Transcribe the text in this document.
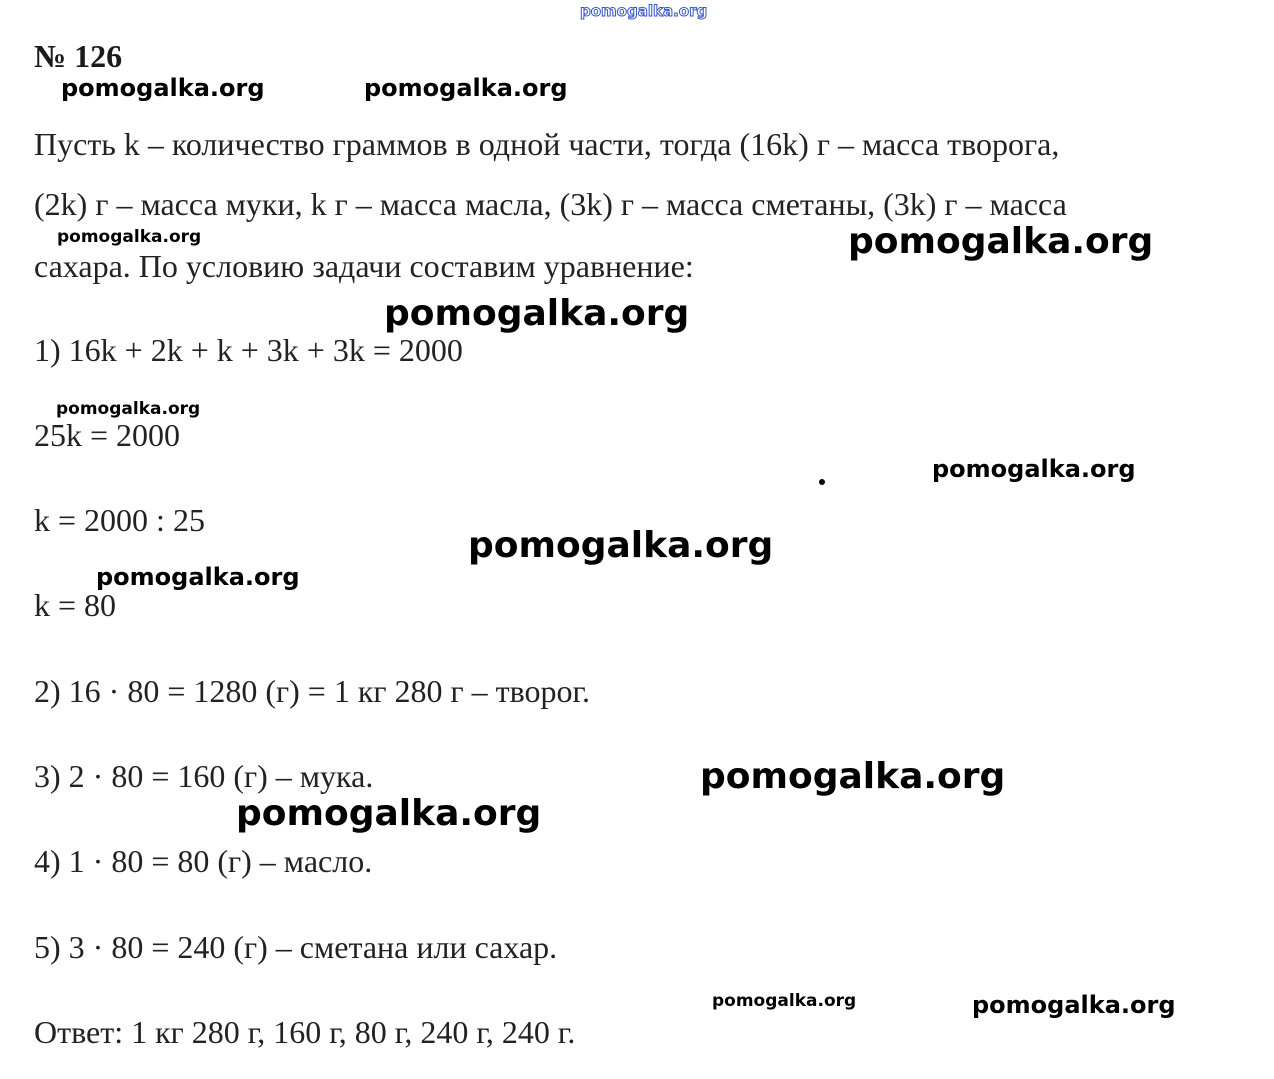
pomogalka.org
№ 126
Пусть k – количество граммов в одной части, тогда (16k) г – масса творога,
(2k) г – масса муки, k г – масса масла, (3k) г – масса сметаны, (3k) г – масса
сахара. По условию задачи составим уравнение:
1) 16k + 2k + k + 3k + 3k = 2000
25k = 2000
k = 2000 : 25
k = 80
2) 16 · 80 = 1280 (г) = 1 кг 280 г – творог.
3) 2 · 80 = 160 (г) – мука.
4) 1 · 80 = 80 (г) – масло.
5) 3 · 80 = 240 (г) – сметана или сахар.
Ответ: 1 кг 280 г, 160 г, 80 г, 240 г, 240 г.
pomogalka.org	pomogalka.org
pomogalka.org	pomogalka.org
pomogalka.org
pomogalka.org
pomogalka.org
pomogalka.org
pomogalka.org
pomogalka.org
pomogalka.org
pomogalka.org	pomogalka.org
